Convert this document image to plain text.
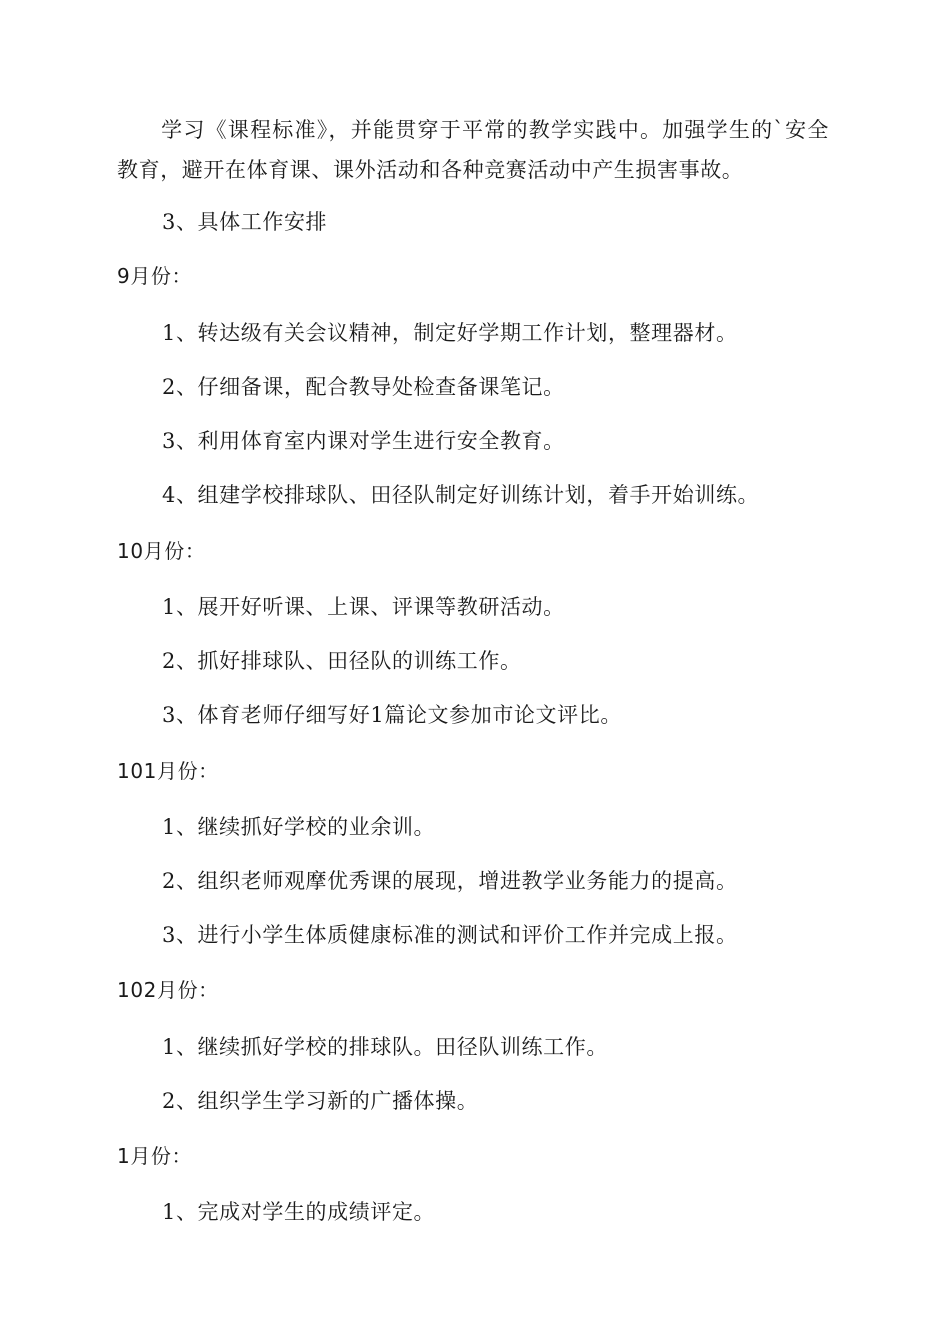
学习《课程标准》，并能贯穿于平常的教学实践中。加强学生的`安全教育，避开在体育课、课外活动和各种竞赛活动中产生损害事故。

3、具体工作安排

9月份：

1、转达级有关会议精神，制定好学期工作计划，整理器材。

2、仔细备课，配合教导处检查备课笔记。

3、利用体育室内课对学生进行安全教育。

4、组建学校排球队、田径队制定好训练计划，着手开始训练。

10月份：

1、展开好听课、上课、评课等教研活动。

2、抓好排球队、田径队的训练工作。

3、体育老师仔细写好1篇论文参加市论文评比。

101月份：

1、继续抓好学校的业余训。

2、组织老师观摩优秀课的展现，增进教学业务能力的提高。

3、进行小学生体质健康标准的测试和评价工作并完成上报。

102月份：

1、继续抓好学校的排球队。田径队训练工作。

2、组织学生学习新的广播体操。

1月份：

1、完成对学生的成绩评定。
